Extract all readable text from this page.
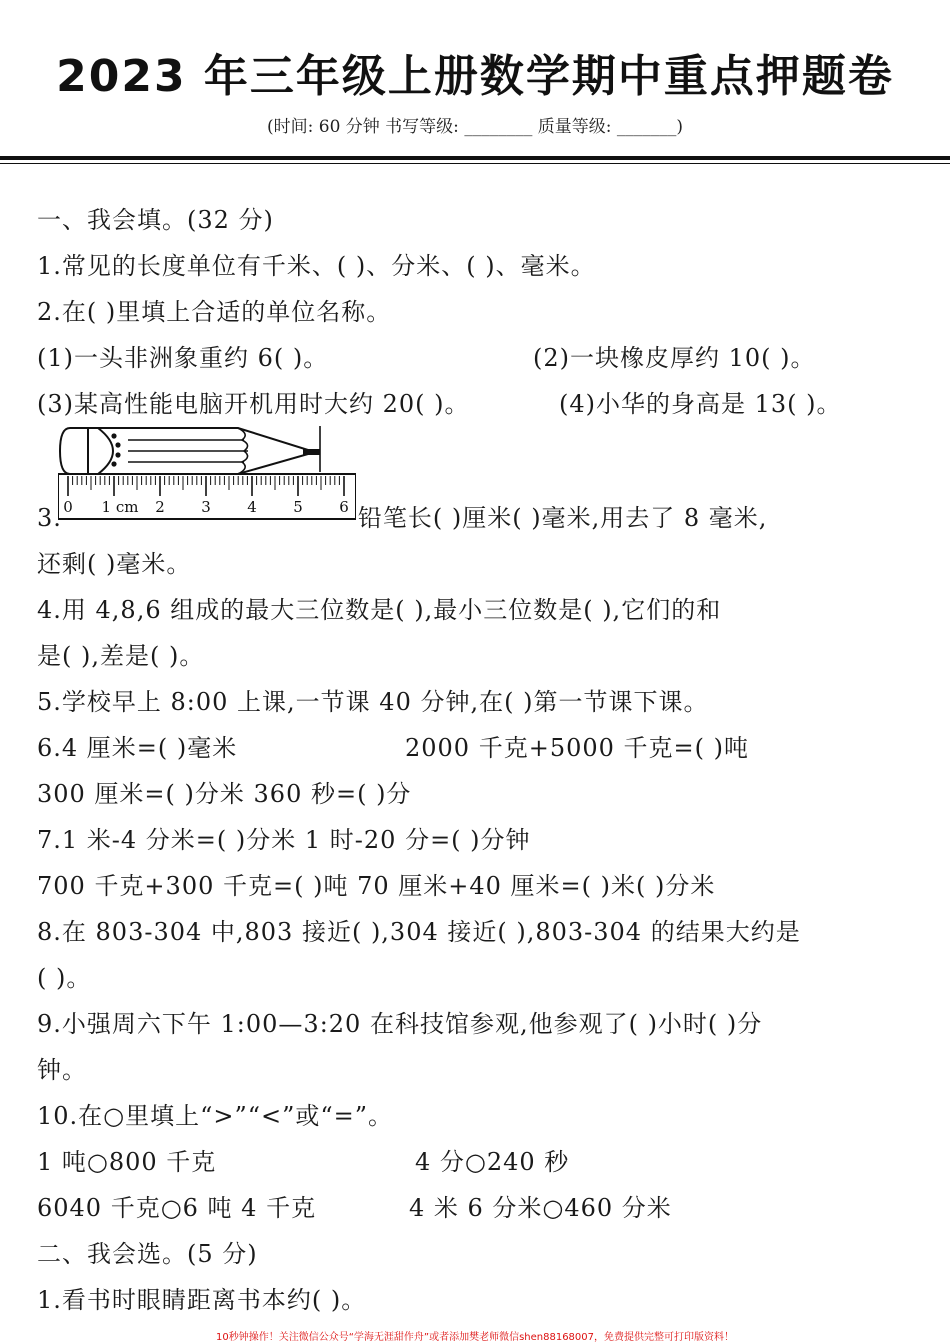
2023 年三年级上册数学期中重点押题卷
(时间: 60 分钟 书写等级: ________ 质量等级: _______)
一、我会填。(32 分)
1.常见的长度单位有千米、( )、分米、( )、毫米。
2.在( )里填上合适的单位名称。
(1)一头非洲象重约 6( )。	(2)一块橡皮厚约 10( )。
(3)某高性能电脑开机用时大约 20( )。	(4)小华的身高是 13( )。
0 1 cm 2 3 4 5 6
3.	铅笔长( )厘米( )毫米,用去了 8 毫米,
还剩( )毫米。
4.用 4,8,6 组成的最大三位数是( ),最小三位数是( ),它们的和
是( ),差是( )。
5.学校早上 8:00 上课,一节课 40 分钟,在( )第一节课下课。
6.4 厘米=( )毫米	2000 千克+5000 千克=( )吨
300 厘米=( )分米 360 秒=( )分
7.1 米-4 分米=( )分米 1 时-20 分=( )分钟
700 千克+300 千克=( )吨 70 厘米+40 厘米=( )米( )分米
8.在 803-304 中,803 接近( ),304 接近( ),803-304 的结果大约是
( )。
9.小强周六下午 1:00—3:20 在科技馆参观,他参观了( )小时( )分
钟。
10.在○里填上“>”“<”或“=”。
1 吨○800 千克	4 分○240 秒
6040 千克○6 吨 4 千克	4 米 6 分米○460 分米
二、我会选。(5 分)
1.看书时眼睛距离书本约( )。
10秒钟操作！关注微信公众号“学海无涯甜作舟”或者添加樊老师微信shen88168007，免费提供完整可打印版资料！
